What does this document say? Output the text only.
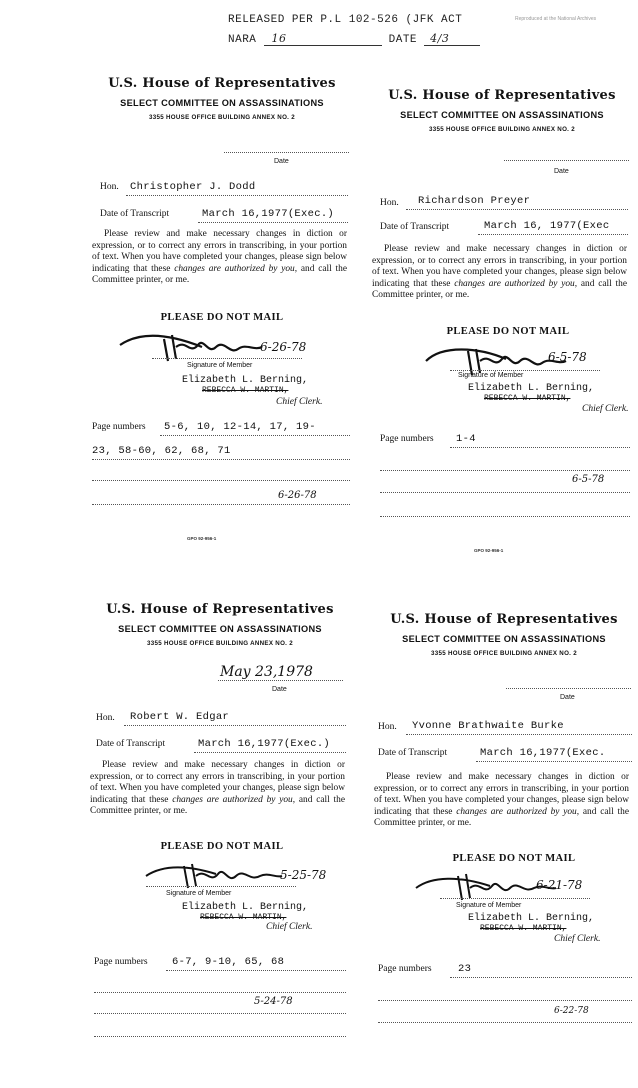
RELEASED PER P.L 102-526 (JFK ACT
NARA 16	DATE 4/3
Reproduced at the National Archives
U.S. House of Representatives
SELECT COMMITTEE ON ASSASSINATIONS
3355 HOUSE OFFICE BUILDING ANNEX NO. 2
Date
Hon. Christopher J. Dodd
Date of Transcript	March 16,1977(Exec.)
Please review and make necessary changes in diction or expression, or to correct any errors in transcribing, in your portion of text. When you have completed your changes, please sign below indicating that these changes are authorized by you, and call the Committee printer, or me.
PLEASE DO NOT MAIL
6-26-78
Signature of Member
Elizabeth L. Berning,
REBECCA W. MARTIN,
Chief Clerk.
Page numbers 5-6, 10, 12-14, 17, 19-
23, 58-60, 62, 68, 71
6-26-78
GPO 92-956-1
U.S. House of Representatives
SELECT COMMITTEE ON ASSASSINATIONS
3355 HOUSE OFFICE BUILDING ANNEX NO. 2
Date
Hon. Richardson Preyer
Date of Transcript	March 16, 1977(Exec
Please review and make necessary changes in diction or expression, or to correct any errors in transcribing, in your portion of text. When you have completed your changes, please sign below indicating that these changes are authorized by you, and call the Committee printer, or me.
PLEASE DO NOT MAIL
6-5-78
Signature of Member
Elizabeth L. Berning,
REBECCA W. MARTIN,
Chief Clerk.
Page numbers 1-4
6-5-78
GPO 92-956-1
U.S. House of Representatives
SELECT COMMITTEE ON ASSASSINATIONS
3355 HOUSE OFFICE BUILDING ANNEX NO. 2
May 23,1978
Date
Hon. Robert W. Edgar
Date of Transcript	March 16,1977(Exec.)
Please review and make necessary changes in diction or expression, or to correct any errors in transcribing, in your portion of text. When you have completed your changes, please sign below indicating that these changes are authorized by you, and call the Committee printer, or me.
PLEASE DO NOT MAIL
5-25-78
Signature of Member
Elizabeth L. Berning,
REBECCA W. MARTIN,
Chief Clerk.
Page numbers 6-7, 9-10, 65, 68
5-24-78
U.S. House of Representatives
SELECT COMMITTEE ON ASSASSINATIONS
3355 HOUSE OFFICE BUILDING ANNEX NO. 2
Date
Hon. Yvonne Brathwaite Burke
Date of Transcript	March 16,1977(Exec.
Please review and make necessary changes in diction or expression, or to correct any errors in transcribing, in your portion of text. When you have completed your changes, please sign below indicating that these changes are authorized by you, and call the Committee printer, or me.
PLEASE DO NOT MAIL
6-21-78
Signature of Member
Elizabeth L. Berning,
REBECCA W. MARTIN,
Chief Clerk.
Page numbers	23
6-22-78
